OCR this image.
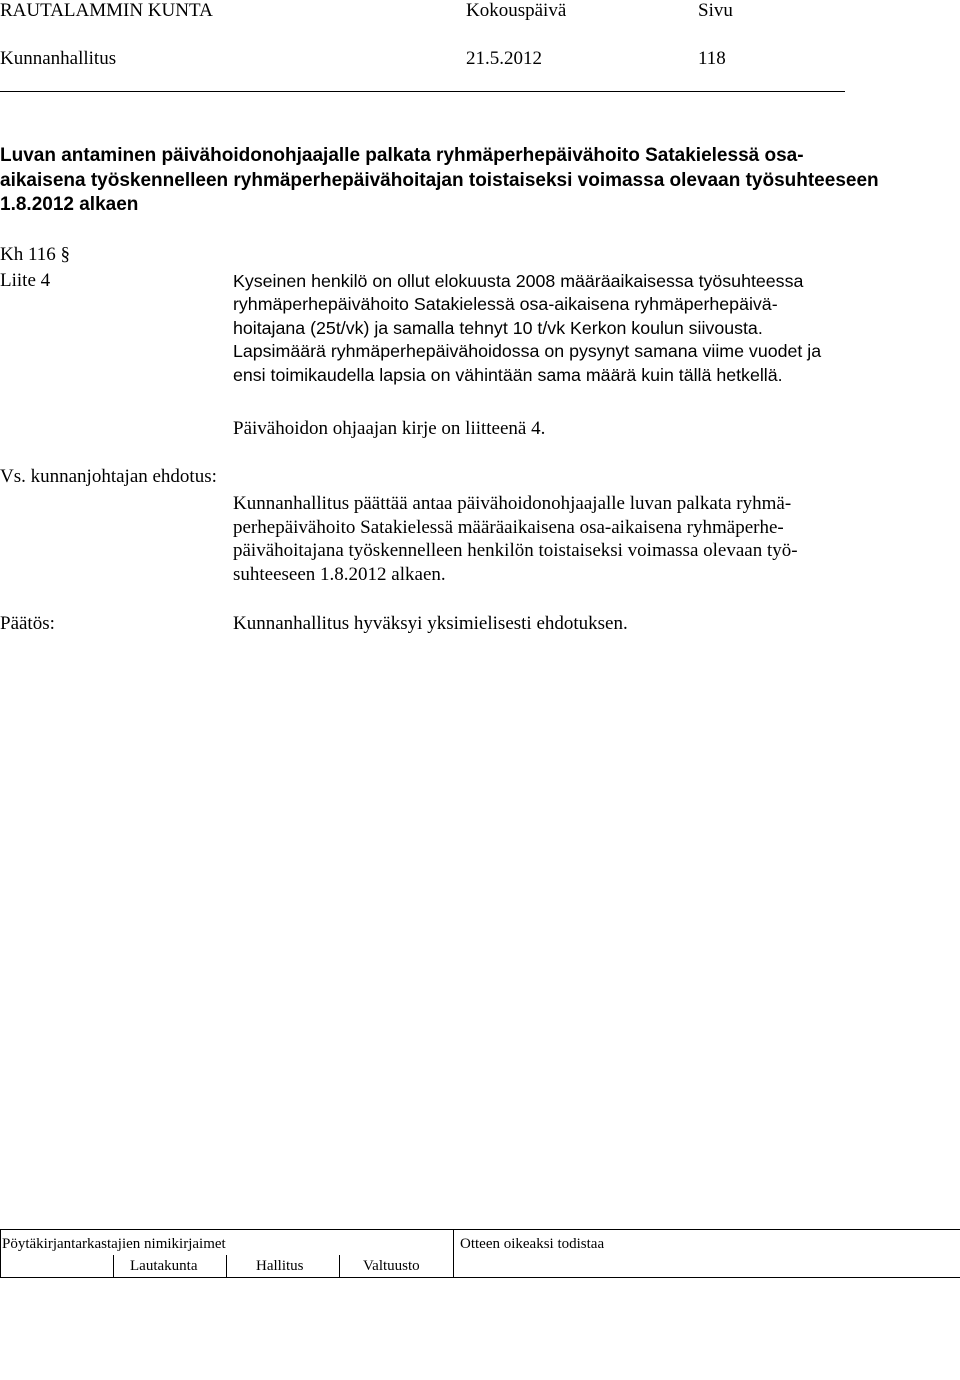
RAUTALAMMIN KUNTA	Kokouspäivä	Sivu
Kunnanhallitus	21.5.2012	118
Luvan antaminen päivähoidonohjaajalle palkata ryhmäperhepäivähoito Satakielessä osa-
aikaisena työskennelleen ryhmäperhepäivähoitajan toistaiseksi voimassa olevaan työsuhteeseen
1.8.2012 alkaen
Kh 116 §
Liite 4	Kyseinen henkilö on ollut elokuusta 2008 määräaikaisessa työsuhteessa
ryhmäperhepäivähoito Satakielessä osa-aikaisena ryhmäperhepäivä-
hoitajana (25t/vk) ja samalla tehnyt 10 t/vk Kerkon koulun siivousta.
Lapsimäärä ryhmäperhepäivähoidossa on pysynyt samana viime vuodet ja
ensi toimikaudella lapsia on vähintään sama määrä kuin tällä hetkellä.
Päivähoidon ohjaajan kirje on liitteenä 4.
Vs. kunnanjohtajan ehdotus:
Kunnanhallitus päättää antaa päivähoidonohjaajalle luvan palkata ryhmä-
perhepäivähoito Satakielessä määräaikaisena osa-aikaisena ryhmäperhe-
päivähoitajana työskennelleen henkilön toistaiseksi voimassa olevaan työ-
suhteeseen 1.8.2012 alkaen.
Päätös:	Kunnanhallitus hyväksyi yksimielisesti ehdotuksen.
Pöytäkirjantarkastajien nimikirjaimet	Otteen oikeaksi todistaa
Lautakunta	Hallitus	Valtuusto
